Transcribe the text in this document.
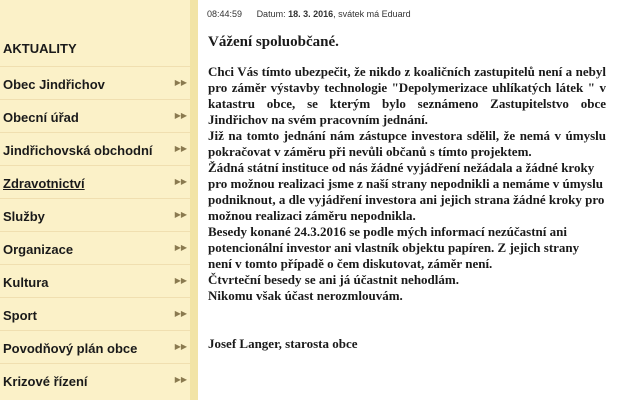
AKTUALITY
Obec Jindřichov	▶▶
Obecní úřad	▶▶
Jindřichovská obchodní	▶▶
Zdravotnictví	▶▶
Služby	▶▶
Organizace	▶▶
Kultura	▶▶
Sport	▶▶
Povodňový plán obce	▶▶
Krizové řízení	▶▶
08:44:59 Datum: 18. 3. 2016, svátek má Eduard
Vážení spoluobčané.

Chci Vás tímto ubezpečit, že nikdo z koaličních zastupitelů není a nebyl pro záměr výstavby technologie "Depolymerizace uhlíkatých látek " v katastru obce, se kterým bylo seznámeno Zastupitelstvo obce Jindřichov na svém pracovním jednání.

Již na tomto jednání nám zástupce investora sdělil, že nemá v úmyslu pokračovat v záměru při nevůli občanů s tímto projektem.

Žádná státní instituce od nás žádné vyjádření nežádala a žádné kroky pro možnou realizaci jsme z naší strany nepodnikli a nemáme v úmyslu podniknout, a dle vyjádření investora ani jejich strana žádné kroky pro možnou realizaci záměru nepodnikla.

Besedy konané 24.3.2016 se podle mých informací nezúčastní ani potencionální investor ani vlastník objektu papíren. Z jejich strany není v tomto případě o čem diskutovat, záměr není.

Čtvrteční besedy se ani já účastnit nehodlám.

Nikomu však účast nerozmlouvám.

Josef Langer, starosta obce
